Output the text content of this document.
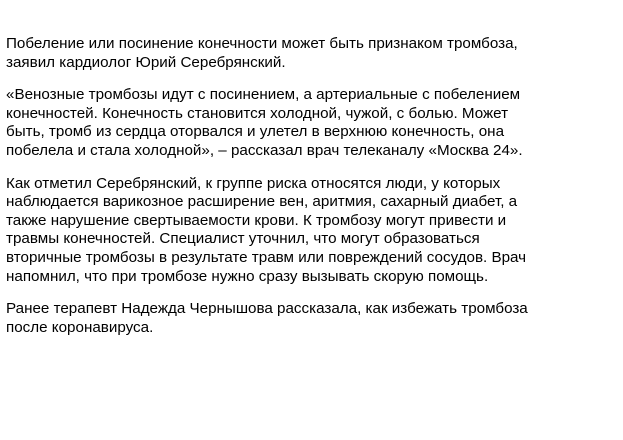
Побеление или посинение конечности может быть признаком тромбоза,
заявил кардиолог Юрий Серебрянский.

«Венозные тромбозы идут с посинением, а артериальные с побелением
конечностей. Конечность становится холодной, чужой, с болью. Может
быть, тромб из сердца оторвался и улетел в верхнюю конечность, она
побелела и стала холодной», – рассказал врач телеканалу «Москва 24».

Как отметил Серебрянский, к группе риска относятся люди, у которых
наблюдается варикозное расширение вен, аритмия, сахарный диабет, а
также нарушение свертываемости крови. К тромбозу могут привести и
травмы конечностей. Специалист уточнил, что могут образоваться
вторичные тромбозы в результате травм или повреждений сосудов. Врач
напомнил, что при тромбозе нужно сразу вызывать скорую помощь.

Ранее терапевт Надежда Чернышова рассказала, как избежать тромбоза
после коронавируса.
